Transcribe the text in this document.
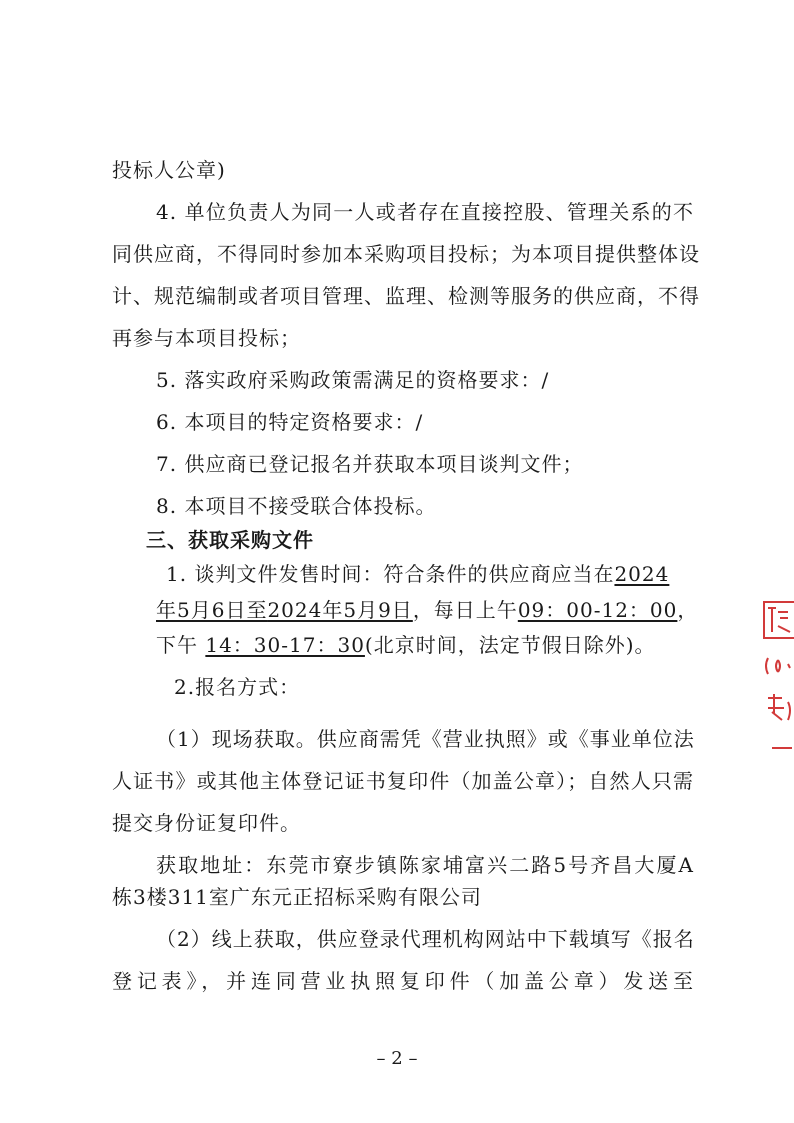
投标人公章)
4. 单位负责人为同一人或者存在直接控股、管理关系的不
同供应商，不得同时参加本采购项目投标；为本项目提供整体设
计、规范编制或者项目管理、监理、检测等服务的供应商，不得
再参与本项目投标；
5. 落实政府采购政策需满足的资格要求：/
6. 本项目的特定资格要求：/
7. 供应商已登记报名并获取本项目谈判文件；
8. 本项目不接受联合体投标。
三、获取采购文件
1. 谈判文件发售时间：符合条件的供应商应当在2024
年5月6日至2024年5月9日，每日上午09：00-12：00，
下午 14：30-17：30(北京时间，法定节假日除外)。
2.报名方式：
（1）现场获取。供应商需凭《营业执照》或《事业单位法
人证书》或其他主体登记证书复印件（加盖公章）；自然人只需
提交身份证复印件。
获取地址：东莞市寮步镇陈家埔富兴二路5号齐昌大厦A
栋3楼311室广东元正招标采购有限公司
（2）线上获取，供应登录代理机构网站中下载填写《报名
登记表》，并连同营业执照复印件（加盖公章）发送至
– 2 –
